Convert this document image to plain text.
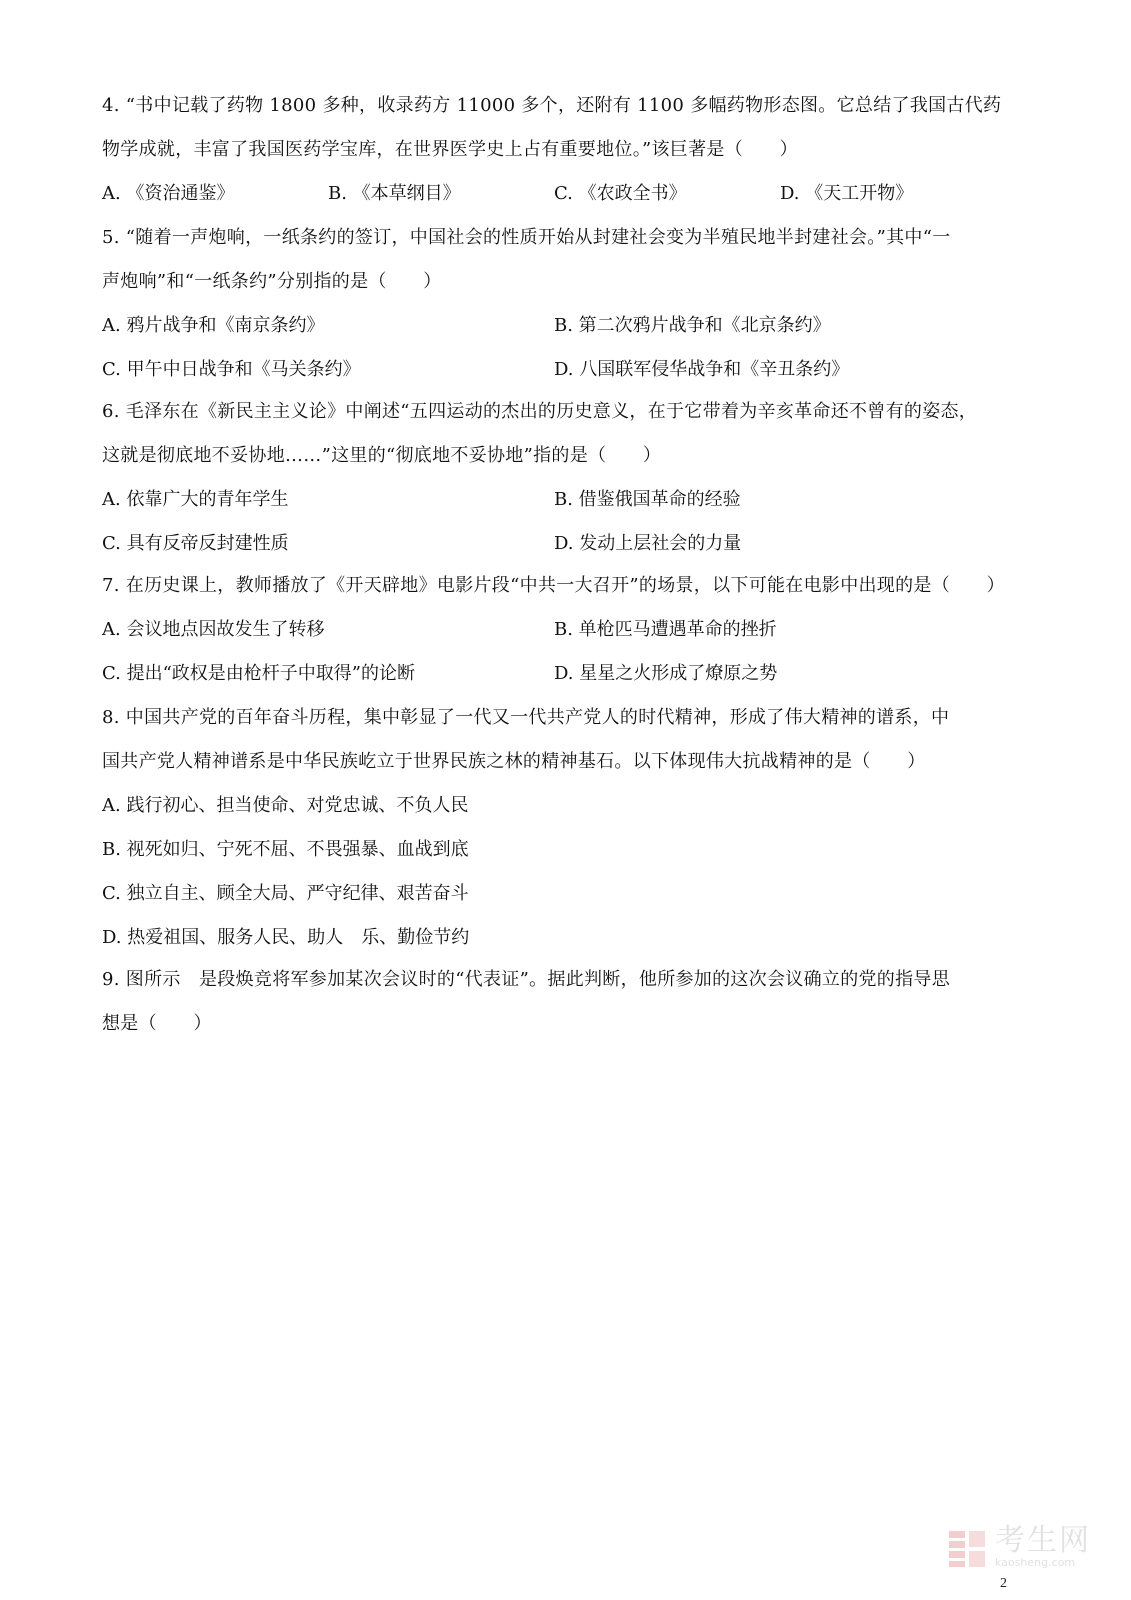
4. “书中记载了药物 1800 多种，收录药方 11000 多个，还附有 1100 多幅药物形态图。它总结了我国古代药
物学成就，丰富了我国医药学宝库，在世界医学史上占有重要地位。”该巨著是（　　）
A. 《资治通鉴》	B. 《本草纲目》	C. 《农政全书》	D. 《天工开物》
5. “随着一声炮响，一纸条约的签订，中国社会的性质开始从封建社会变为半殖民地半封建社会。”其中“一
声炮响”和“一纸条约”分别指的是（　　）
A. 鸦片战争和《南京条约》	B. 第二次鸦片战争和《北京条约》
C. 甲午中日战争和《马关条约》	D. 八国联军侵华战争和《辛丑条约》
6. 毛泽东在《新民主主义论》中阐述“五四运动的杰出的历史意义，在于它带着为辛亥革命还不曾有的姿态，
这就是彻底地不妥协地……”这里的“彻底地不妥协地”指的是（　　）
A. 依靠广大的青年学生	B. 借鉴俄国革命的经验
C. 具有反帝反封建性质	D. 发动上层社会的力量
7. 在历史课上，教师播放了《开天辟地》电影片段“中共一大召开”的场景，以下可能在电影中出现的是（　　）
A. 会议地点因故发生了转移	B. 单枪匹马遭遇革命的挫折
C. 提出“政权是由枪杆子中取得”的论断	D. 星星之火形成了燎原之势
8. 中国共产党的百年奋斗历程，集中彰显了一代又一代共产党人的时代精神，形成了伟大精神的谱系，中
国共产党人精神谱系是中华民族屹立于世界民族之林的精神基石。以下体现伟大抗战精神的是（　　）
A. 践行初心、担当使命、对党忠诚、不负人民
B. 视死如归、宁死不屈、不畏强暴、血战到底
C. 独立自主、顾全大局、严守纪律、艰苦奋斗
D. 热爱祖国、服务人民、助人　乐、勤俭节约
9. 图所示　是段焕竞将军参加某次会议时的“代表证”。据此判断，他所参加的这次会议确立的党的指导思
想是（　　）
考生网
kaosheng.com
2
